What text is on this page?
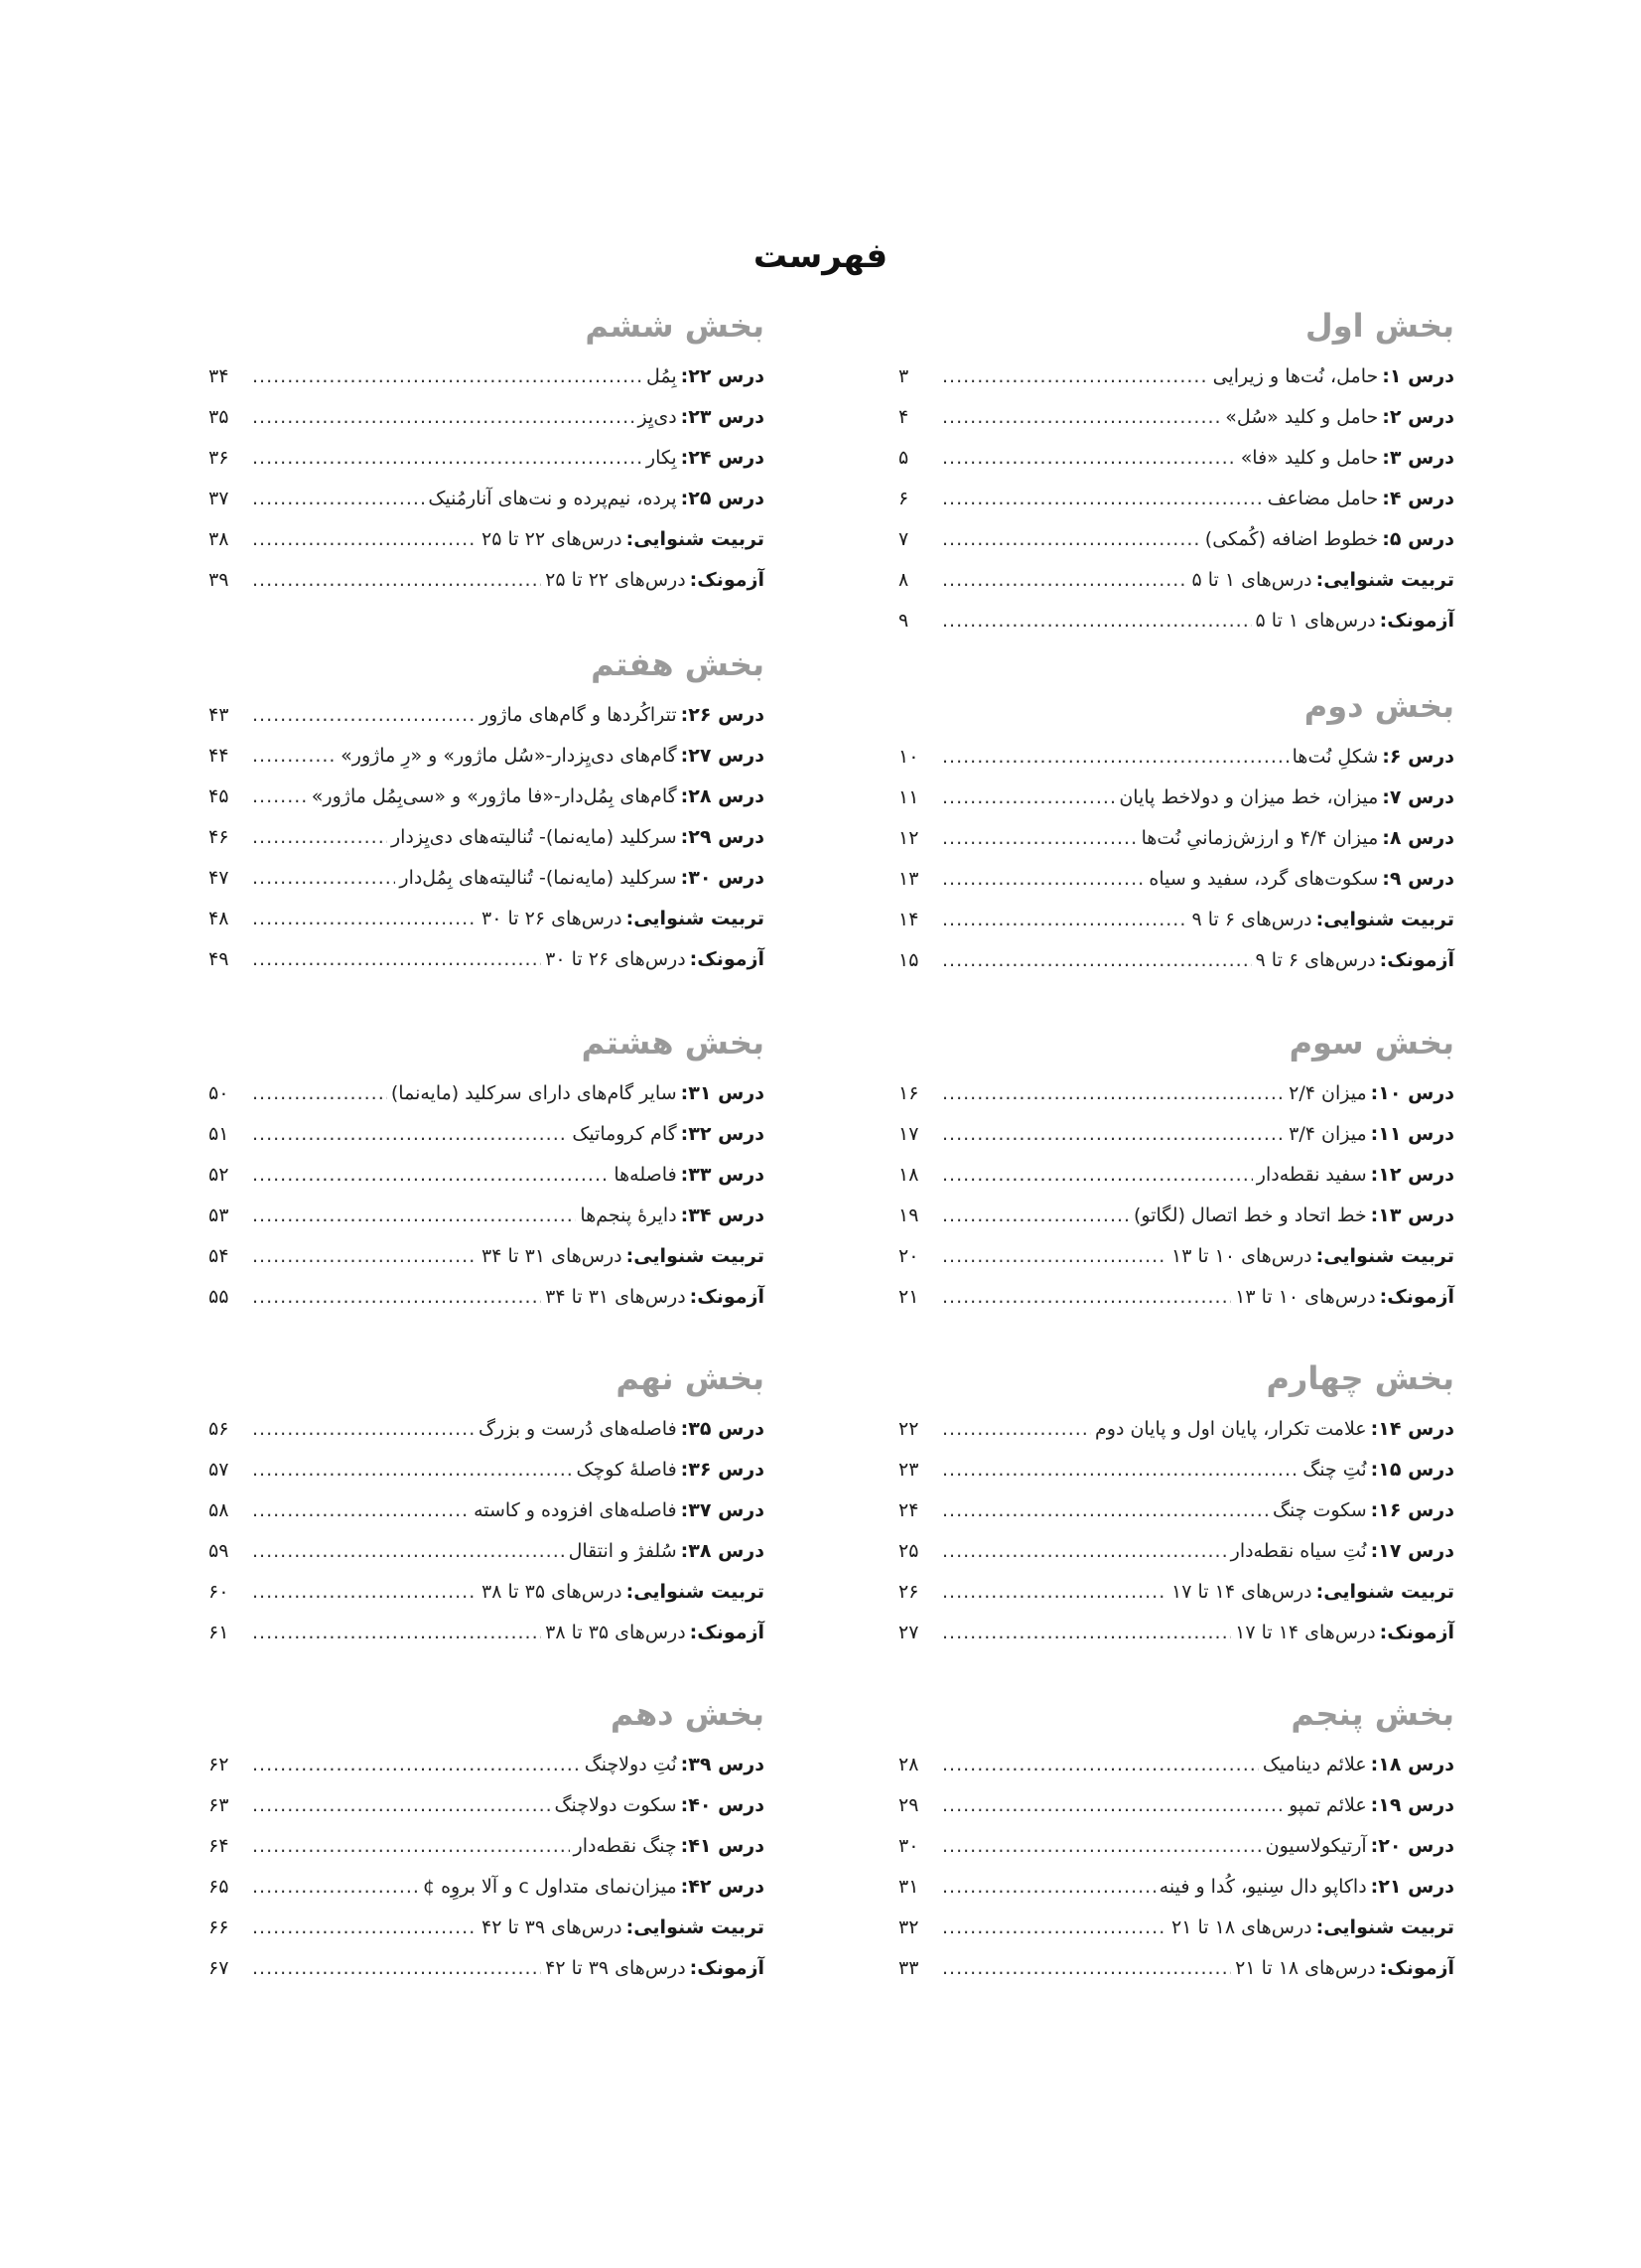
فهرست
بخش اول
درس ۱
:
حامل، نُت‌ها و زیرایی
.....
۳
درس ۲
:
حامل و کلید «سُل»
.....
۴
درس ۳
:
حامل و کلید «فا»
.....
۵
درس ۴
:
حامل مضاعف
.....
۶
درس ۵
:
خطوط اضافه (کُمکی)
.....
۷
تربیت شنوایی
:
درس‌های ۱ تا ۵
.....
۸
آزمونک
:
درس‌های ۱ تا ۵
.....
۹
بخش دوم
درس ۶
:
شکلِ نُت‌ها
.....
۱۰
درس ۷
:
میزان، خط میزان و دولاخط پایان
.....
۱۱
درس ۸
:
میزان ۴/۴ و ارزش‌زمانیِ نُت‌ها
.....
۱۲
درس ۹
:
سکوت‌های گرد، سفید و سیاه
.....
۱۳
تربیت شنوایی
:
درس‌های ۶ تا ۹
.....
۱۴
آزمونک
:
درس‌های ۶ تا ۹
.....
۱۵
بخش سوم
درس ۱۰
:
میزان ۲/۴
.....
۱۶
درس ۱۱
:
میزان ۳/۴
.....
۱۷
درس ۱۲
:
سفید نقطه‌دار
.....
۱۸
درس ۱۳
:
خط اتحاد و خط اتصال (لگاتو)
.....
۱۹
تربیت شنوایی
:
درس‌های ۱۰ تا ۱۳
.....
۲۰
آزمونک
:
درس‌های ۱۰ تا ۱۳
.....
۲۱
بخش چهارم
درس ۱۴
:
علامت تکرار، پایان اول و پایان دوم
.....
۲۲
درس ۱۵
:
نُتِ چنگ
.....
۲۳
درس ۱۶
:
سکوت چنگ
.....
۲۴
درس ۱۷
:
نُتِ سیاه نقطه‌دار
.....
۲۵
تربیت شنوایی
:
درس‌های ۱۴ تا ۱۷
.....
۲۶
آزمونک
:
درس‌های ۱۴ تا ۱۷
.....
۲۷
بخش پنجم
درس ۱۸
:
علائم دینامیک
.....
۲۸
درس ۱۹
:
علائم تمپو
.....
۲۹
درس ۲۰
:
آرتیکولاسیون
.....
۳۰
درس ۲۱
:
داکاپو دال سِنیو، کُدا و فینه
.....
۳۱
تربیت شنوایی
:
درس‌های ۱۸ تا ۲۱
.....
۳۲
آزمونک
:
درس‌های ۱۸ تا ۲۱
.....
۳۳
بخش ششم
درس ۲۲
:
بِمُل
.....
۳۴
درس ۲۳
:
دی‌یِز
.....
۳۵
درس ۲۴
:
بِکار
.....
۳۶
درس ۲۵
:
پرده، نیم‌پرده و نت‌های آنارمُنیک
.....
۳۷
تربیت شنوایی
:
درس‌های ۲۲ تا ۲۵
.....
۳۸
آزمونک
:
درس‌های ۲۲ تا ۲۵
.....
۳۹
بخش هفتم
درس ۲۶
:
تتراکُردها و گام‌های ماژور
.....
۴۳
درس ۲۷
:
گام‌های دی‌یِزدار-«سُل ماژور» و «رِ ماژور»
.....
۴۴
درس ۲۸
:
گام‌های بِمُل‌دار-«فا ماژور» و «سی‌بِمُل ماژور»
.....
۴۵
درس ۲۹
:
سرکلید (مایه‌نما)- تُنالیته‌های دی‌یِزدار
.....
۴۶
درس ۳۰
:
سرکلید (مایه‌نما)- تُنالیته‌های بِمُل‌دار
.....
۴۷
تربیت شنوایی
:
درس‌های ۲۶ تا ۳۰
.....
۴۸
آزمونک
:
درس‌های ۲۶ تا ۳۰
.....
۴۹
بخش هشتم
درس ۳۱
:
سایر گام‌های دارای سرکلید (مایه‌نما)
.....
۵۰
درس ۳۲
:
گام کروماتیک
.....
۵۱
درس ۳۳
:
فاصله‌ها
.....
۵۲
درس ۳۴
:
دایرهٔ پنجم‌ها
.....
۵۳
تربیت شنوایی
:
درس‌های ۳۱ تا ۳۴
.....
۵۴
آزمونک
:
درس‌های ۳۱ تا ۳۴
.....
۵۵
بخش نهم
درس ۳۵
:
فاصله‌های دُرست و بزرگ
.....
۵۶
درس ۳۶
:
فاصلهٔ کوچک
.....
۵۷
درس ۳۷
:
فاصله‌های افزوده و کاسته
.....
۵۸
درس ۳۸
:
سُلفژ و انتقال
.....
۵۹
تربیت شنوایی
:
درس‌های ۳۵ تا ۳۸
.....
۶۰
آزمونک
:
درس‌های ۳۵ تا ۳۸
.....
۶۱
بخش دهم
درس ۳۹
:
نُتِ دولاچنگ
.....
۶۲
درس ۴۰
:
سکوت دولاچنگ
.....
۶۳
درس ۴۱
:
چنگ نقطه‌دار
.....
۶۴
درس ۴۲
:
میزان‌نمای متداول c و آلا بروِه ¢
.....
۶۵
تربیت شنوایی
:
درس‌های ۳۹ تا ۴۲
.....
۶۶
آزمونک
:
درس‌های ۳۹ تا ۴۲
.....
۶۷
